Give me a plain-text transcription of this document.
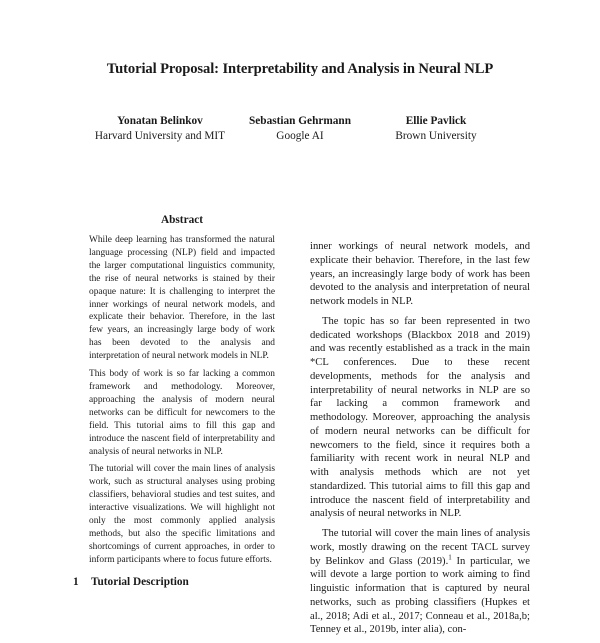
Tutorial Proposal: Interpretability and Analysis in Neural NLP
Yonatan Belinkov
Harvard University and MIT
Sebastian Gehrmann
Google AI
Ellie Pavlick
Brown University
Abstract

While deep learning has transformed the natural language processing (NLP) field and impacted the larger computational linguistics community, the rise of neural networks is stained by their opaque nature: It is challenging to interpret the inner workings of neural network models, and explicate their behavior. Therefore, in the last few years, an increasingly large body of work has been devoted to the analysis and interpretation of neural network models in NLP.

This body of work is so far lacking a common framework and methodology. Moreover, approaching the analysis of modern neural networks can be difficult for newcomers to the field. This tutorial aims to fill this gap and introduce the nascent field of interpretability and analysis of neural networks in NLP.

The tutorial will cover the main lines of analysis work, such as structural analyses using probing classifiers, behavioral studies and test suites, and interactive visualizations. We will highlight not only the most commonly applied analysis methods, but also the specific limitations and shortcomings of current approaches, in order to inform participants where to focus future efforts.

1 Tutorial Description

inner workings of neural network models, and explicate their behavior. Therefore, in the last few years, an increasingly large body of work has been devoted to the analysis and interpretation of neural network models in NLP.

The topic has so far been represented in two dedicated workshops (Blackbox 2018 and 2019) and was recently established as a track in the main *CL conferences. Due to these recent developments, methods for the analysis and interpretability of neural networks in NLP are so far lacking a common framework and methodology. Moreover, approaching the analysis of modern neural networks can be difficult for newcomers to the field, since it requires both a familiarity with recent work in neural NLP and with analysis methods which are not yet standardized. This tutorial aims to fill this gap and introduce the nascent field of interpretability and analysis of neural networks in NLP.

The tutorial will cover the main lines of analysis work, mostly drawing on the recent TACL survey by Belinkov and Glass (2019).$^1$ In particular, we will devote a large portion to work aiming to find linguistic information that is captured by neural networks, such as probing classifiers (Hupkes et al., 2018; Adi et al., 2017; Conneau et al., 2018a,b; Tenney et al., 2019b, inter alia), con-
